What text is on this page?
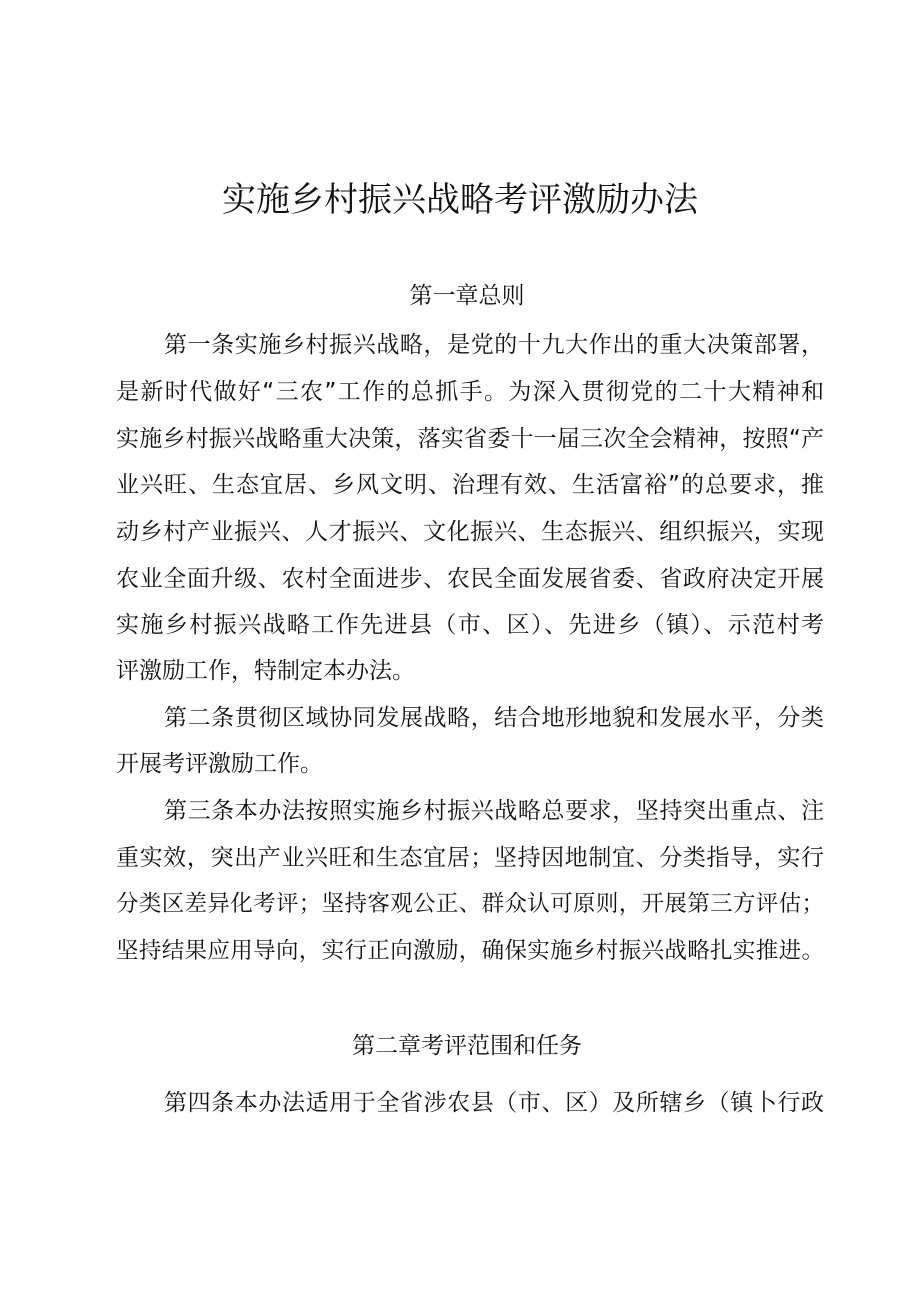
实施乡村振兴战略考评激励办法
第一章总则
第一条实施乡村振兴战略，是党的十九大作出的重大决策部署，
是新时代做好“三农”工作的总抓手。为深入贯彻党的二十大精神和
实施乡村振兴战略重大决策，落实省委十一届三次全会精神，按照“产
业兴旺、生态宜居、乡风文明、治理有效、生活富裕”的总要求，推
动乡村产业振兴、人才振兴、文化振兴、生态振兴、组织振兴，实现
农业全面升级、农村全面进步、农民全面发展省委、省政府决定开展
实施乡村振兴战略工作先进县（市、区）、先进乡（镇）、示范村考
评激励工作，特制定本办法。
第二条贯彻区域协同发展战略，结合地形地貌和发展水平，分类
开展考评激励工作。
第三条本办法按照实施乡村振兴战略总要求，坚持突出重点、注
重实效，突出产业兴旺和生态宜居；坚持因地制宜、分类指导，实行
分类区差异化考评；坚持客观公正、群众认可原则，开展第三方评估；
坚持结果应用导向，实行正向激励，确保实施乡村振兴战略扎实推进。
第二章考评范围和任务
第四条本办法适用于全省涉农县（市、区）及所辖乡（镇卜行政
